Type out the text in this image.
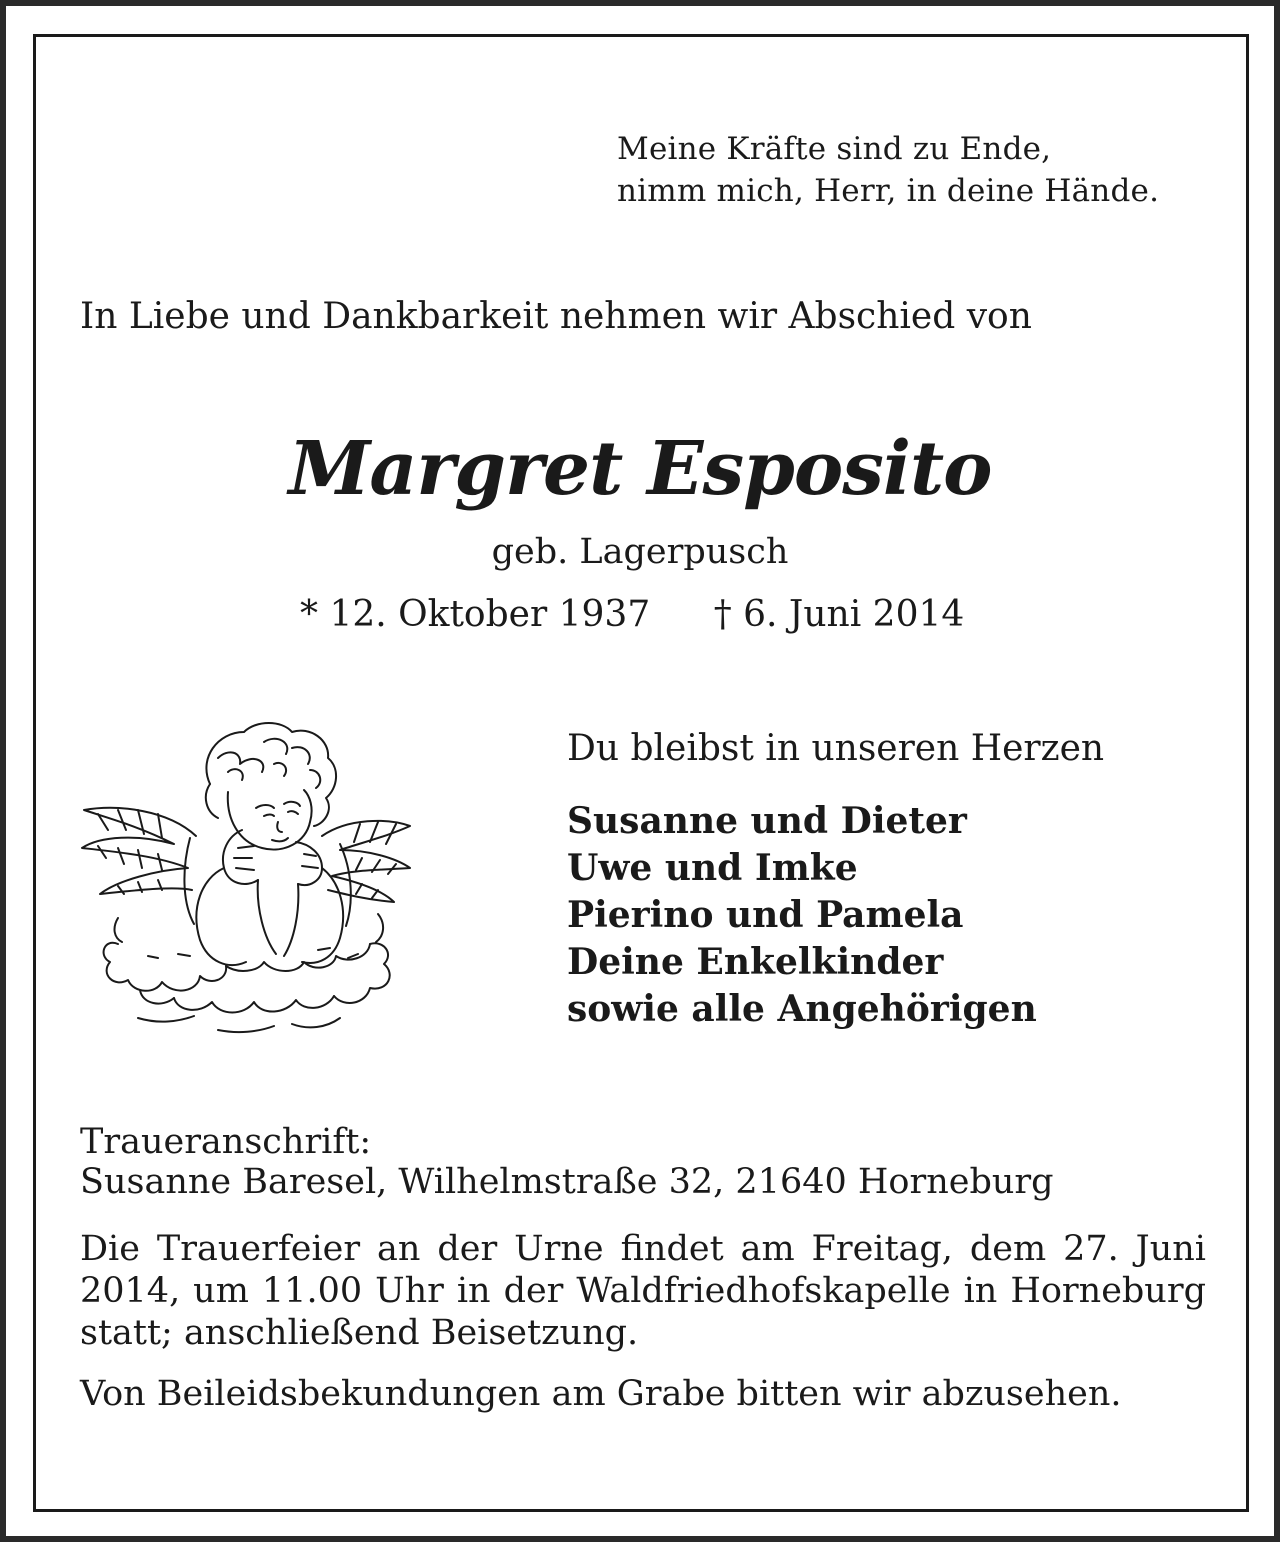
Meine Kräfte sind zu Ende,
nimm mich, Herr, in deine Hände.
In Liebe und Dankbarkeit nehmen wir Abschied von
Margret Esposito
geb. Lagerpusch
* 12. Oktober 1937 † 6. Juni 2014
Du bleibst in unseren Herzen
Susanne und Dieter
Uwe und Imke
Pierino und Pamela
Deine Enkelkinder
sowie alle Angehörigen
Traueranschrift:
Susanne Baresel, Wilhelmstraße 32, 21640 Horneburg
Die Trauerfeier an der Urne findet am Freitag, dem 27. Juni 2014, um 11.00 Uhr in der Waldfriedhofskapelle in Horneburg statt; anschließend Beisetzung.
Von Beileidsbekundungen am Grabe bitten wir abzusehen.
